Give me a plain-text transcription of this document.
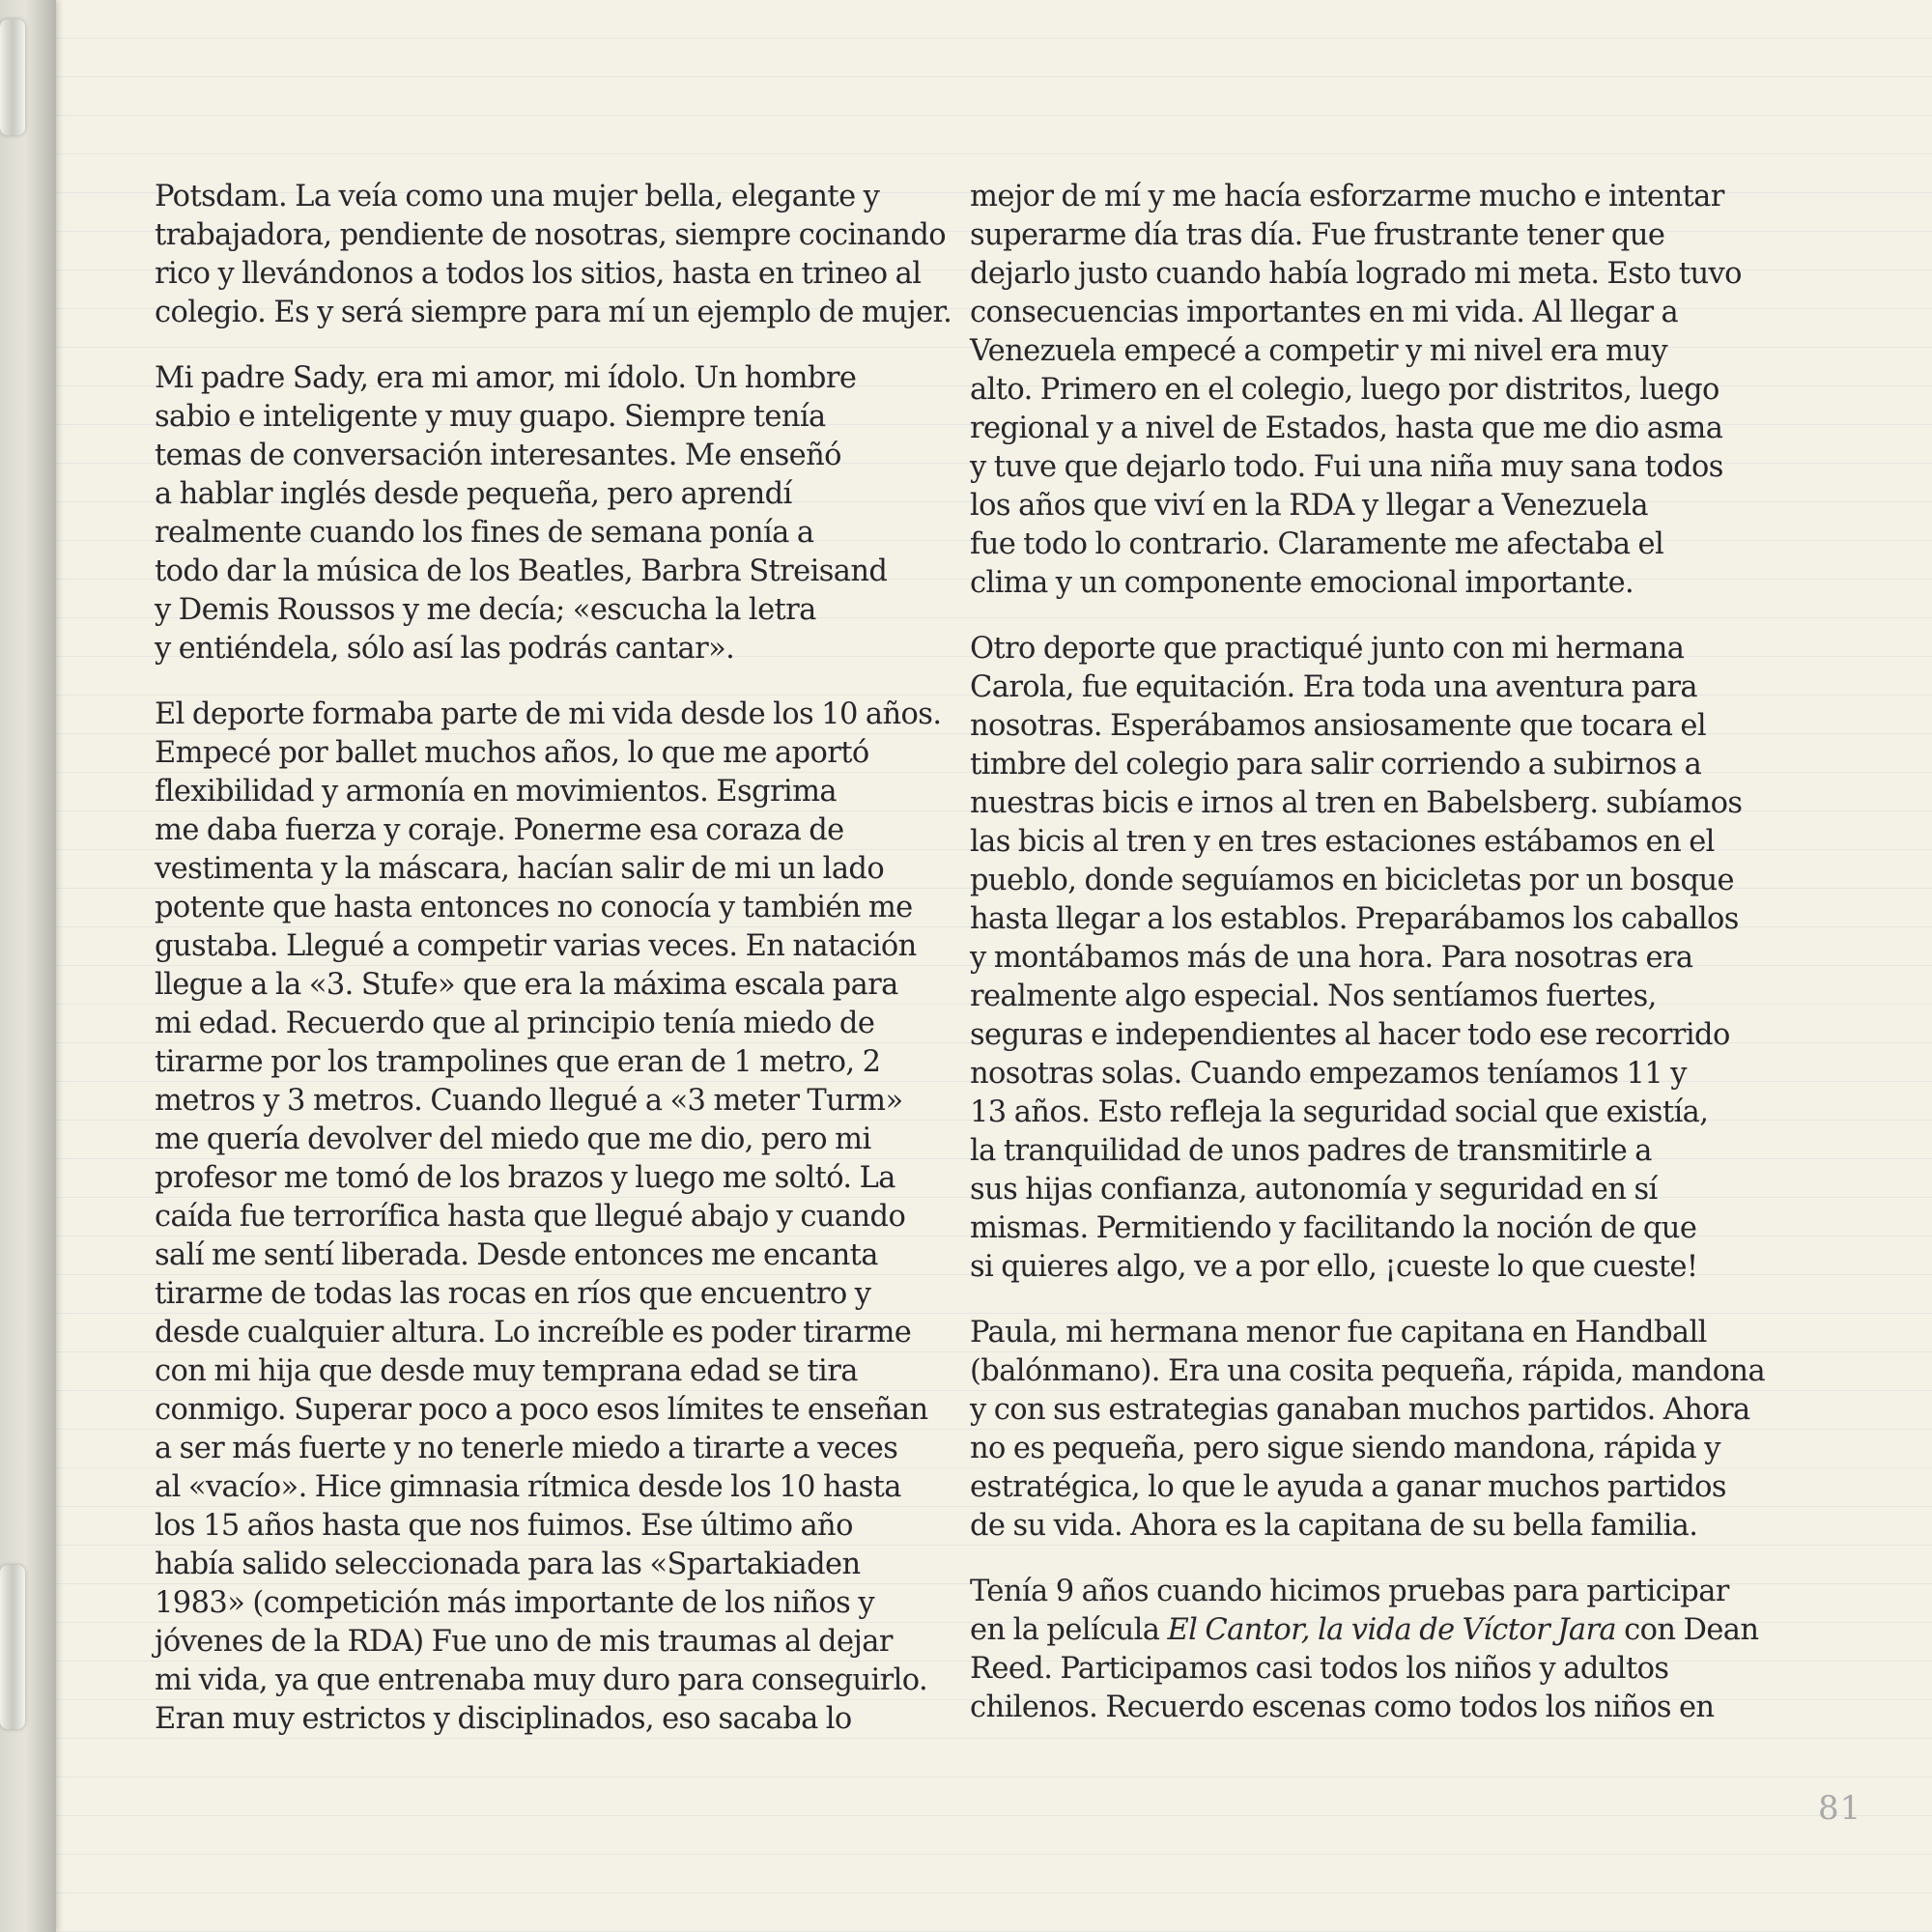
Potsdam. La veía como una mujer bella, elegante y
trabajadora, pendiente de nosotras, siempre cocinando
rico y llevándonos a todos los sitios, hasta en trineo al
colegio. Es y será siempre para mí un ejemplo de mujer.
Mi padre Sady, era mi amor, mi ídolo. Un hombre
sabio e inteligente y muy guapo. Siempre tenía
temas de conversación interesantes. Me enseñó
a hablar inglés desde pequeña, pero aprendí
realmente cuando los fines de semana ponía a
todo dar la música de los Beatles, Barbra Streisand
y Demis Roussos y me decía; «escucha la letra
y entiéndela, sólo así las podrás cantar».
El deporte formaba parte de mi vida desde los 10 años.
Empecé por ballet muchos años, lo que me aportó
flexibilidad y armonía en movimientos. Esgrima
me daba fuerza y coraje. Ponerme esa coraza de
vestimenta y la máscara, hacían salir de mi un lado
potente que hasta entonces no conocía y también me
gustaba. Llegué a competir varias veces. En natación
llegue a la «3. Stufe» que era la máxima escala para
mi edad. Recuerdo que al principio tenía miedo de
tirarme por los trampolines que eran de 1 metro, 2
metros y 3 metros. Cuando llegué a «3 meter Turm»
me quería devolver del miedo que me dio, pero mi
profesor me tomó de los brazos y luego me soltó. La
caída fue terrorífica hasta que llegué abajo y cuando
salí me sentí liberada. Desde entonces me encanta
tirarme de todas las rocas en ríos que encuentro y
desde cualquier altura. Lo increíble es poder tirarme
con mi hija que desde muy temprana edad se tira
conmigo. Superar poco a poco esos límites te enseñan
a ser más fuerte y no tenerle miedo a tirarte a veces
al «vacío». Hice gimnasia rítmica desde los 10 hasta
los 15 años hasta que nos fuimos. Ese último año
había salido seleccionada para las «Spartakiaden
1983» (competición más importante de los niños y
jóvenes de la RDA) Fue uno de mis traumas al dejar
mi vida, ya que entrenaba muy duro para conseguirlo.
Eran muy estrictos y disciplinados, eso sacaba lo
mejor de mí y me hacía esforzarme mucho e intentar
superarme día tras día. Fue frustrante tener que
dejarlo justo cuando había logrado mi meta. Esto tuvo
consecuencias importantes en mi vida. Al llegar a
Venezuela empecé a competir y mi nivel era muy
alto. Primero en el colegio, luego por distritos, luego
regional y a nivel de Estados, hasta que me dio asma
y tuve que dejarlo todo. Fui una niña muy sana todos
los años que viví en la RDA y llegar a Venezuela
fue todo lo contrario. Claramente me afectaba el
clima y un componente emocional importante.
Otro deporte que practiqué junto con mi hermana
Carola, fue equitación. Era toda una aventura para
nosotras. Esperábamos ansiosamente que tocara el
timbre del colegio para salir corriendo a subirnos a
nuestras bicis e irnos al tren en Babelsberg. subíamos
las bicis al tren y en tres estaciones estábamos en el
pueblo, donde seguíamos en bicicletas por un bosque
hasta llegar a los establos. Preparábamos los caballos
y montábamos más de una hora. Para nosotras era
realmente algo especial. Nos sentíamos fuertes,
seguras e independientes al hacer todo ese recorrido
nosotras solas. Cuando empezamos teníamos 11 y
13 años. Esto refleja la seguridad social que existía,
la tranquilidad de unos padres de transmitirle a
sus hijas confianza, autonomía y seguridad en sí
mismas. Permitiendo y facilitando la noción de que
si quieres algo, ve a por ello, ¡cueste lo que cueste!
Paula, mi hermana menor fue capitana en Handball
(balónmano). Era una cosita pequeña, rápida, mandona
y con sus estrategias ganaban muchos partidos. Ahora
no es pequeña, pero sigue siendo mandona, rápida y
estratégica, lo que le ayuda a ganar muchos partidos
de su vida. Ahora es la capitana de su bella familia.
Tenía 9 años cuando hicimos pruebas para participar
en la película El Cantor, la vida de Víctor Jara con Dean
Reed. Participamos casi todos los niños y adultos
chilenos. Recuerdo escenas como todos los niños en
81
